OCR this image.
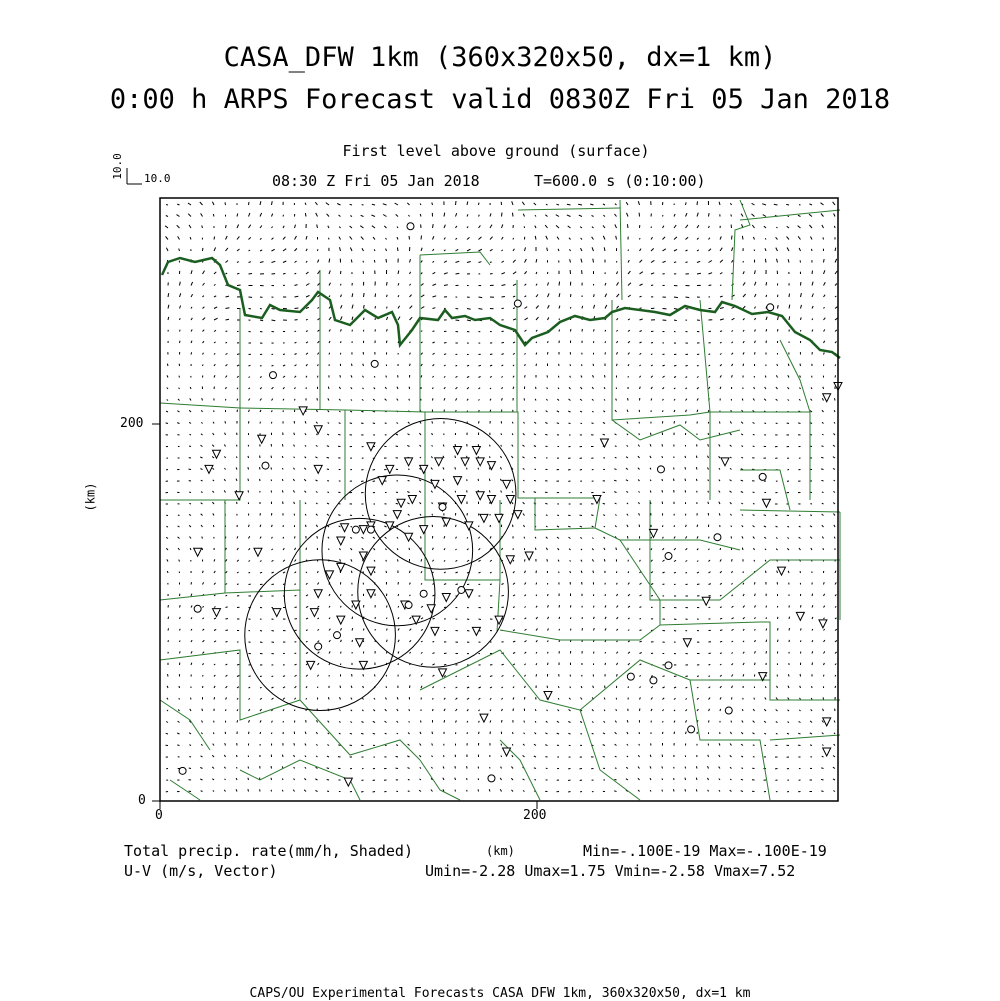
CASA_DFW 1km (360x320x50, dx=1 km)
0:00 h ARPS Forecast valid 0830Z Fri 05 Jan 2018
First level above ground (surface)
08:30 Z Fri 05 Jan 2018	T=600.0 s (0:10:00)
10.0 10.0
200
0
0	200
(km)
(km)
Total precip. rate(mm/h, Shaded)
U-V (m/s, Vector)
Min=-.100E-19 Max=-.100E-19
Umin=-2.28 Umax=1.75 Vmin=-2.58 Vmax=7.52
CAPS/OU Experimental Forecasts CASA DFW 1km, 360x320x50, dx=1 km
